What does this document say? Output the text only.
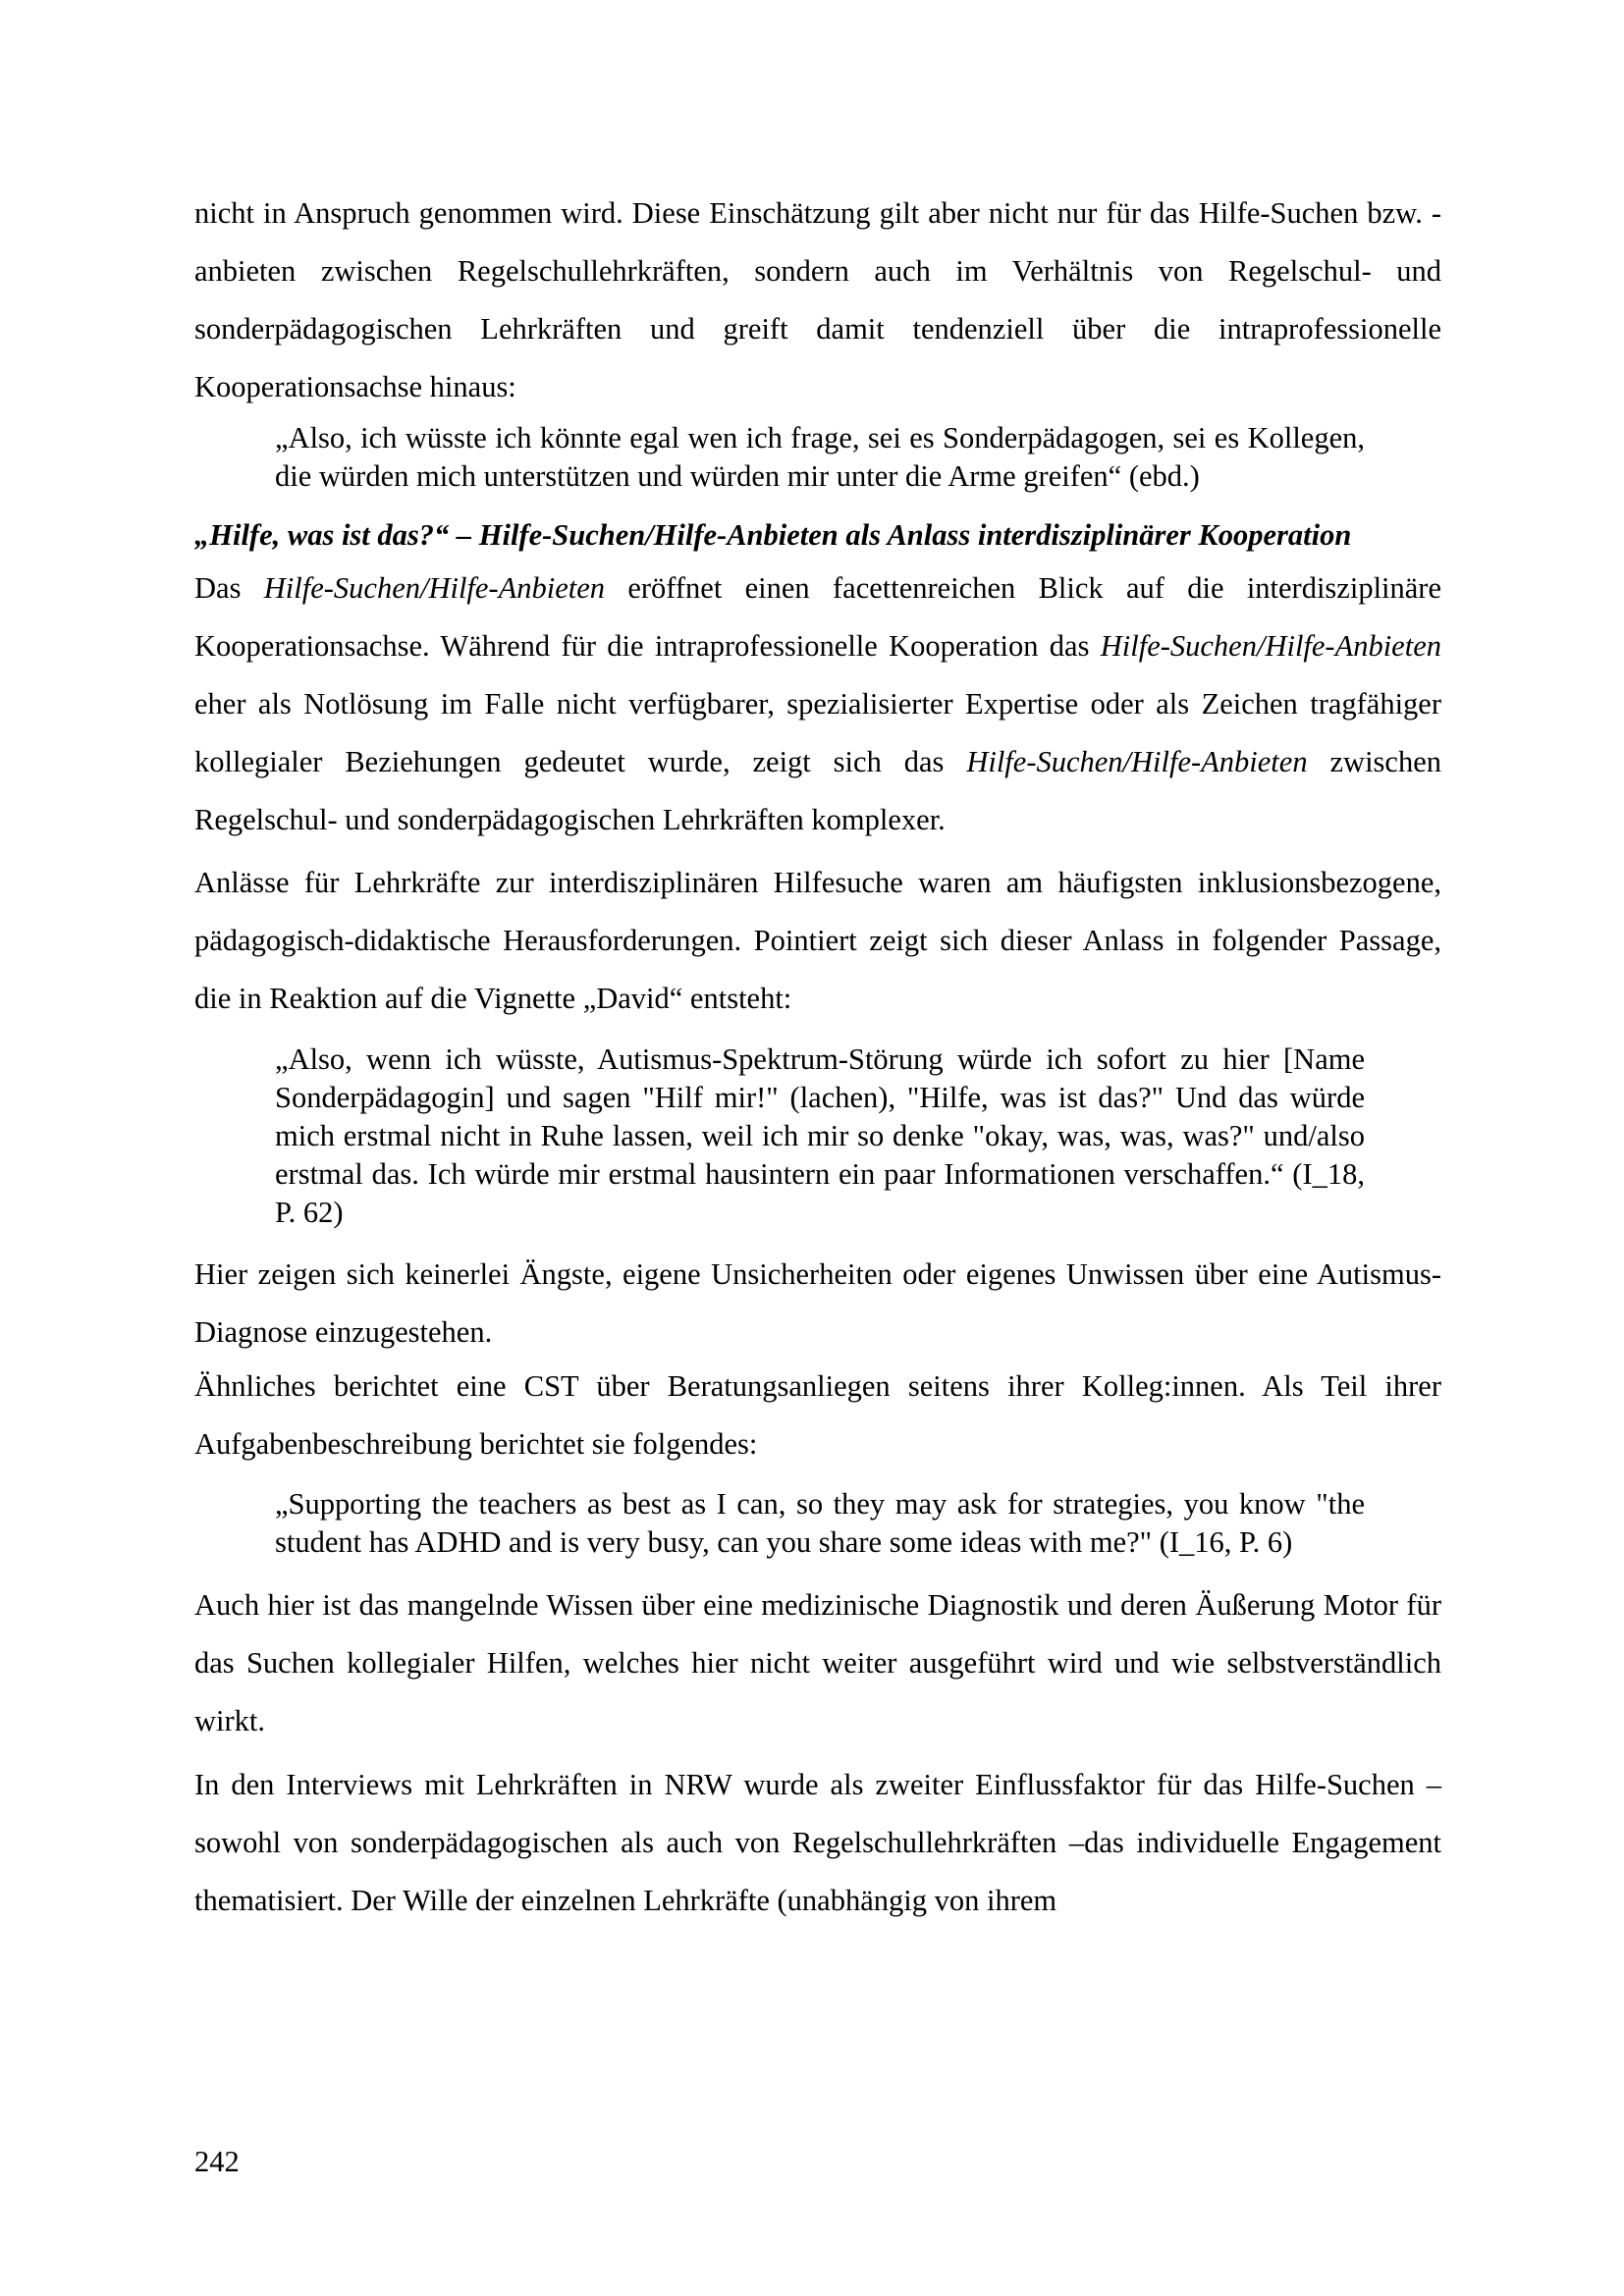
nicht in Anspruch genommen wird. Diese Einschätzung gilt aber nicht nur für das Hilfe-Suchen bzw. -anbieten zwischen Regelschullehrkräften, sondern auch im Verhältnis von Regelschul- und sonderpädagogischen Lehrkräften und greift damit tendenziell über die intraprofessionelle Kooperationsachse hinaus:

„Also, ich wüsste ich könnte egal wen ich frage, sei es Sonderpädagogen, sei es Kollegen, die würden mich unterstützen und würden mir unter die Arme greifen“ (ebd.)

„Hilfe, was ist das?“ – Hilfe-Suchen/Hilfe-Anbieten als Anlass interdisziplinärer Kooperation

Das Hilfe-Suchen/Hilfe-Anbieten eröffnet einen facettenreichen Blick auf die interdisziplinäre Kooperationsachse. Während für die intraprofessionelle Kooperation das Hilfe-Suchen/Hilfe-Anbieten eher als Notlösung im Falle nicht verfügbarer, spezialisierter Expertise oder als Zeichen tragfähiger kollegialer Beziehungen gedeutet wurde, zeigt sich das Hilfe-Suchen/Hilfe-Anbieten zwischen Regelschul- und sonderpädagogischen Lehrkräften komplexer.

Anlässe für Lehrkräfte zur interdisziplinären Hilfesuche waren am häufigsten inklusionsbezogene, pädagogisch-didaktische Herausforderungen. Pointiert zeigt sich dieser Anlass in folgender Passage, die in Reaktion auf die Vignette „David“ entsteht:

„Also, wenn ich wüsste, Autismus-Spektrum-Störung würde ich sofort zu hier [Name Sonderpädagogin] und sagen "Hilf mir!" (lachen), "Hilfe, was ist das?" Und das würde mich erstmal nicht in Ruhe lassen, weil ich mir so denke "okay, was, was, was?" und/also erstmal das. Ich würde mir erstmal hausintern ein paar Informationen verschaffen.“ (I_18, P. 62)

Hier zeigen sich keinerlei Ängste, eigene Unsicherheiten oder eigenes Unwissen über eine Autismus-Diagnose einzugestehen.

Ähnliches berichtet eine CST über Beratungsanliegen seitens ihrer Kolleg:innen. Als Teil ihrer Aufgabenbeschreibung berichtet sie folgendes:

„Supporting the teachers as best as I can, so they may ask for strategies, you know "the student has ADHD and is very busy, can you share some ideas with me?" (I_16, P. 6)

Auch hier ist das mangelnde Wissen über eine medizinische Diagnostik und deren Äußerung Motor für das Suchen kollegialer Hilfen, welches hier nicht weiter ausgeführt wird und wie selbstverständlich wirkt.

In den Interviews mit Lehrkräften in NRW wurde als zweiter Einflussfaktor für das Hilfe-Suchen – sowohl von sonderpädagogischen als auch von Regelschullehrkräften –das individuelle Engagement thematisiert. Der Wille der einzelnen Lehrkräfte (unabhängig von ihrem

242
